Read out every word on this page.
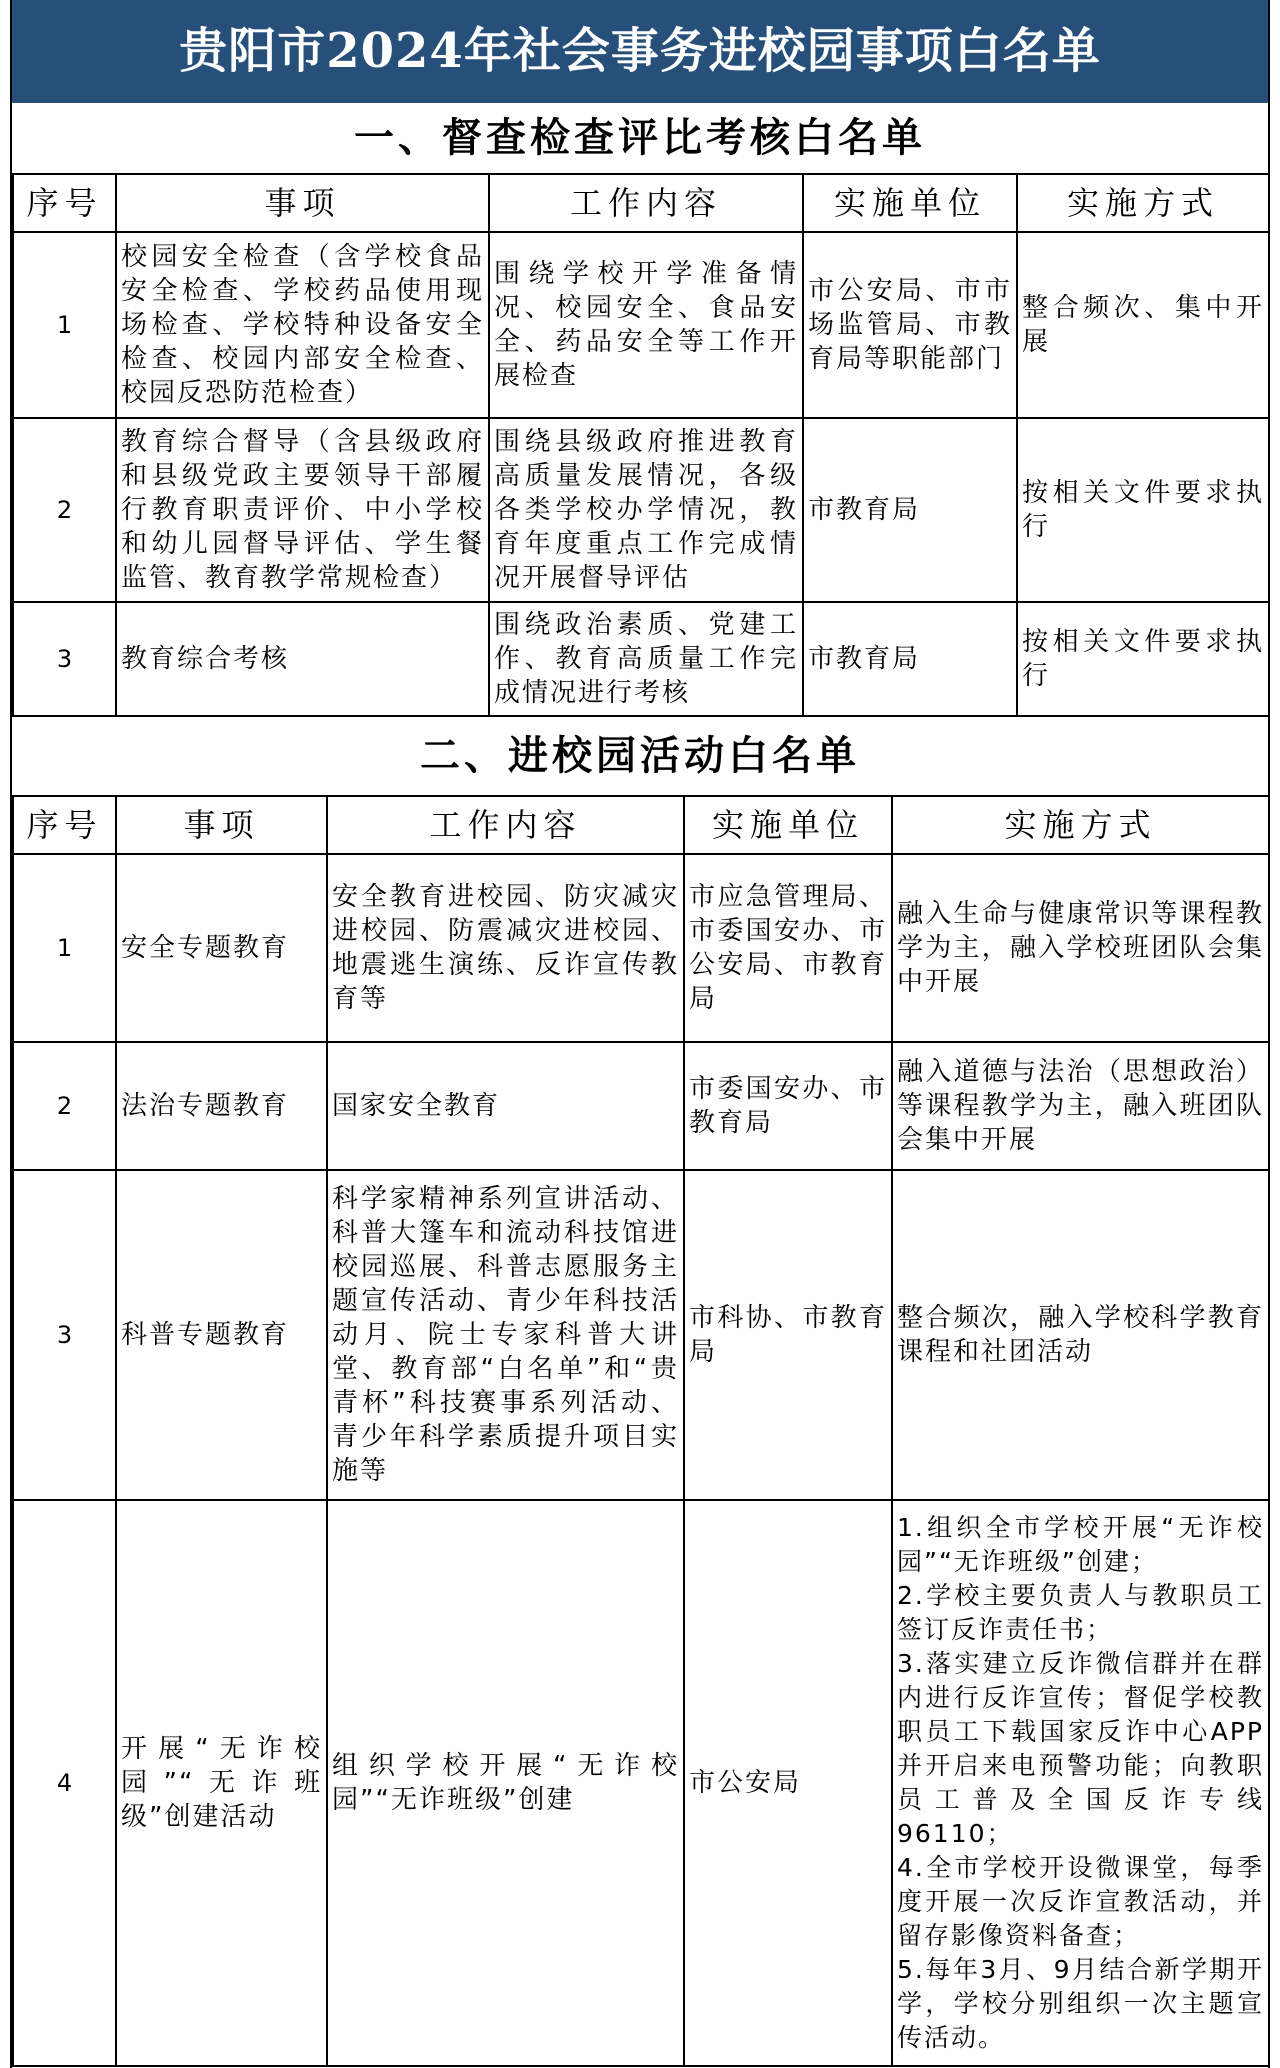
贵阳市2024年社会事务进校园事项白名单
一、督查检查评比考核白名单
序号	事项	工作内容	实施单位	实施方式
1	校园安全检查（含学校食品安全检查、学校药品使用现场检查、学校特种设备安全检查、校园内部安全检查、校园反恐防范检查）	围绕学校开学准备情况、校园安全、食品安全、药品安全等工作开展检查	市公安局、市市场监管局、市教育局等职能部门	整合频次、集中开展
2	教育综合督导（含县级政府和县级党政主要领导干部履行教育职责评价、中小学校和幼儿园督导评估、学生餐监管、教育教学常规检查）	围绕县级政府推进教育高质量发展情况，各级各类学校办学情况，教育年度重点工作完成情况开展督导评估	市教育局	按相关文件要求执行
3	教育综合考核	围绕政治素质、党建工作、教育高质量工作完成情况进行考核	市教育局	按相关文件要求执行
二、进校园活动白名单
序号	事项	工作内容	实施单位	实施方式
1	安全专题教育	安全教育进校园、防灾减灾进校园、防震减灾进校园、地震逃生演练、反诈宣传教育等	市应急管理局、市委国安办、市公安局、市教育局	融入生命与健康常识等课程教学为主，融入学校班团队会集中开展
2	法治专题教育	国家安全教育	市委国安办、市教育局	融入道德与法治（思想政治）等课程教学为主，融入班团队会集中开展
3	科普专题教育	科学家精神系列宣讲活动、科普大篷车和流动科技馆进校园巡展、科普志愿服务主题宣传活动、青少年科技活动月、院士专家科普大讲堂、教育部“白名单”和“贵青杯”科技赛事系列活动、青少年科学素质提升项目实施等	市科协、市教育局	整合频次，融入学校科学教育课程和社团活动
4	开展“无诈校园”“无诈班级”创建活动	组织学校开展“无诈校园”“无诈班级”创建	市公安局	1.组织全市学校开展“无诈校园”“无诈班级”创建；
2.学校主要负责人与教职员工签订反诈责任书；
3.落实建立反诈微信群并在群内进行反诈宣传；督促学校教职员工下载国家反诈中心APP并开启来电预警功能；向教职员工普及全国反诈专线96110；
4.全市学校开设微课堂，每季度开展一次反诈宣教活动，并留存影像资料备查；
5.每年3月、9月结合新学期开学，学校分别组织一次主题宣传活动。
